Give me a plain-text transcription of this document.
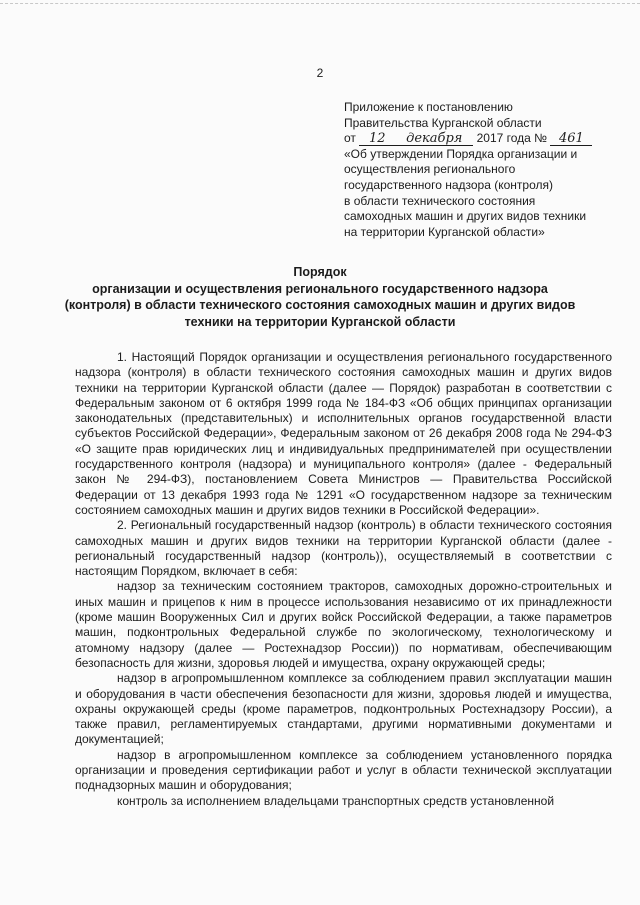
2
Приложение к постановлению
Правительства Курганской области
от 12 декабря 2017 года № 461
«Об утверждении Порядка организации и
осуществления регионального
государственного надзора (контроля)
в области технического состояния
самоходных машин и других видов техники
на территории Курганской области»
Порядок
организации и осуществления регионального государственного надзора
(контроля) в области технического состояния самоходных машин и других видов
техники на территории Курганской области

1. Настоящий Порядок организации и осуществления регионального государственного надзора (контроля) в области технического состояния самоходных машин и других видов техники на территории Курганской области (далее — Порядок) разработан в соответствии с Федеральным законом от 6 октября 1999 года № 184-ФЗ «Об общих принципах организации законодательных (представительных) и исполнительных органов государственной власти субъектов Российской Федерации», Федеральным законом от 26 декабря 2008 года № 294-ФЗ «О защите прав юридических лиц и индивидуальных предпринимателей при осуществлении государственного контроля (надзора) и муниципального контроля» (далее - Федеральный закон № 294-ФЗ), постановлением Совета Министров — Правительства Российской Федерации от 13 декабря 1993 года № 1291 «О государственном надзоре за техническим состоянием самоходных машин и других видов техники в Российской Федерации».

2. Региональный государственный надзор (контроль) в области технического состояния самоходных машин и других видов техники на территории Курганской области (далее - региональный государственный надзор (контроль)), осуществляемый в соответствии с настоящим Порядком, включает в себя:

надзор за техническим состоянием тракторов, самоходных дорожно-строительных и иных машин и прицепов к ним в процессе использования независимо от их принадлежности (кроме машин Вооруженных Сил и других войск Российской Федерации, а также параметров машин, подконтрольных Федеральной службе по экологическому, технологическому и атомному надзору (далее — Ростехнадзор России)) по нормативам, обеспечивающим безопасность для жизни, здоровья людей и имущества, охрану окружающей среды;

надзор в агропромышленном комплексе за соблюдением правил эксплуатации машин и оборудования в части обеспечения безопасности для жизни, здоровья людей и имущества, охраны окружающей среды (кроме параметров, подконтрольных Ростехнадзору России), а также правил, регламентируемых стандартами, другими нормативными документами и документацией;

надзор в агропромышленном комплексе за соблюдением установленного порядка организации и проведения сертификации работ и услуг в области технической эксплуатации поднадзорных машин и оборудования;

контроль за исполнением владельцами транспортных средств установленной
